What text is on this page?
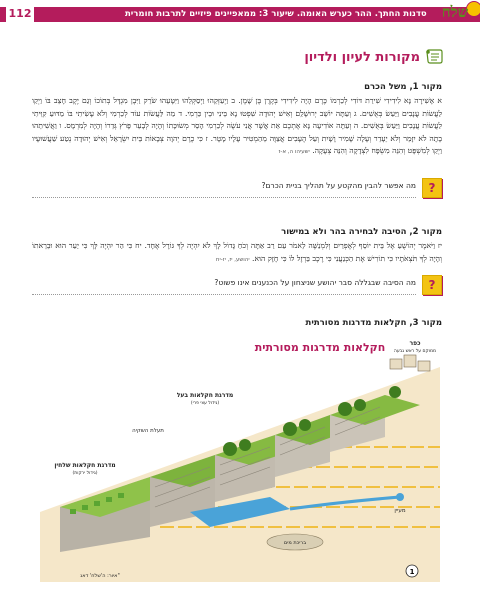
112	סדנות החתך. ההר כערש האומה. שיעור 3: ממאפיינים פיזיים לתרבות חומרית	שלח
מקורות לעיון ולדיון
מקור 1, משל הכרם
א אָשִׁירָה נָּא לִידִידִי שִׁירַת דּוֹדִי לְכַרְמוֹ כֶּרֶם הָיָה לִידִידִי בְּקֶרֶן בֶּן שָׁמֶן. ב וַיְעַזְּקֵהוּ וַיְסַקְּלֵהוּ וַיִּטָּעֵהוּ שֹׂרֵק וַיִּבֶן מִגְדָּל בְּתוֹכוֹ וְגַם יֶקֶב חָצֵב בּוֹ וַיְקַו לַעֲשׂוֹת עֲנָבִים וַיַּעַשׂ בְּאֻשִׁים. ג וְעַתָּה יוֹשֵׁב יְרוּשָׁלִַם וְאִישׁ יְהוּדָה שִׁפְטוּ נָא בֵּינִי וּבֵין כַּרְמִי. ד מַה לַּעֲשׂוֹת עוֹד לְכַרְמִי וְלֹא עָשִׂיתִי בּוֹ מַדּוּעַ קִוֵּיתִי לַעֲשׂוֹת עֲנָבִים וַיַּעַשׂ בְּאֻשִׁים. ה וְעַתָּה אוֹדִיעָה נָּא אֶתְכֶם אֵת אֲשֶׁר אֲנִי עֹשֶׂה לְכַרְמִי הָסֵר מְשׂוּכָּתוֹ וְהָיָה לְבָעֵר פָּרֹץ גְּדֵרוֹ וְהָיָה לְמִרְמָס. ו וַאֲשִׁיתֵהוּ בָתָה לֹא יִזָּמֵר וְלֹא יֵעָדֵר וְעָלָה שָׁמִיר וָשָׁיִת וְעַל הֶעָבִים אֲצַוֶּה מֵהַמְטִיר עָלָיו מָטָר. ז כִּי כֶרֶם יְהוָה צְבָאוֹת בֵּית יִשְׂרָאֵל וְאִישׁ יְהוּדָה נְטַע שַׁעֲשׁוּעָיו וַיְקַו לְמִשְׁפָּט וְהִנֵּה מִשְׂפָּח לִצְדָקָה וְהִנֵּה צְעָקָה. ישעיהו ה, א-ז
?
מה אפשר להבין מהקטע על תהליך בניית הכרם?
מקור 2, הסיבה לבחירה בהר ולא במישור
יז וַיֹּאמֶר יְהוֹשֻׁעַ אֶל בֵּית יוֹסֵף לְאֶפְרַיִם וְלִמְנַשֶּׁה לֵאמֹר עַם רַב אַתָּה וְכֹחַ גָּדוֹל לָךְ לֹא יִהְיֶה לְךָ גּוֹרָל אֶחָד. יח כִּי הַר יִהְיֶה לָּךְ כִּי יַעַר הוּא וּבֵרֵאתוֹ וְהָיָה לְךָ תֹּצְאֹתָיו כִּי תוֹרִישׁ אֶת הַכְּנַעֲנִי כִּי רֶכֶב בַּרְזֶל לוֹ כִּי חָזָק הוּא. יהושע, יז, יז-יח
?
מה הסיבה שבגללה סבר יהושע שניצחון על הכנענים אינו פשוט?
מקור 3, חקלאות מדרגות מסורתית
חקלאות מדרגות מסורתית	כפר
ממוקם על ראש גבעה
מדרגת חקלאות בעל
(גידול עצי פרי)
תעלת השקיה
מדרגת חקלאות שלחין
(גידול ירקות)
מעיין
בריכת מים
איור: ה'שלח' דאנ"	1
